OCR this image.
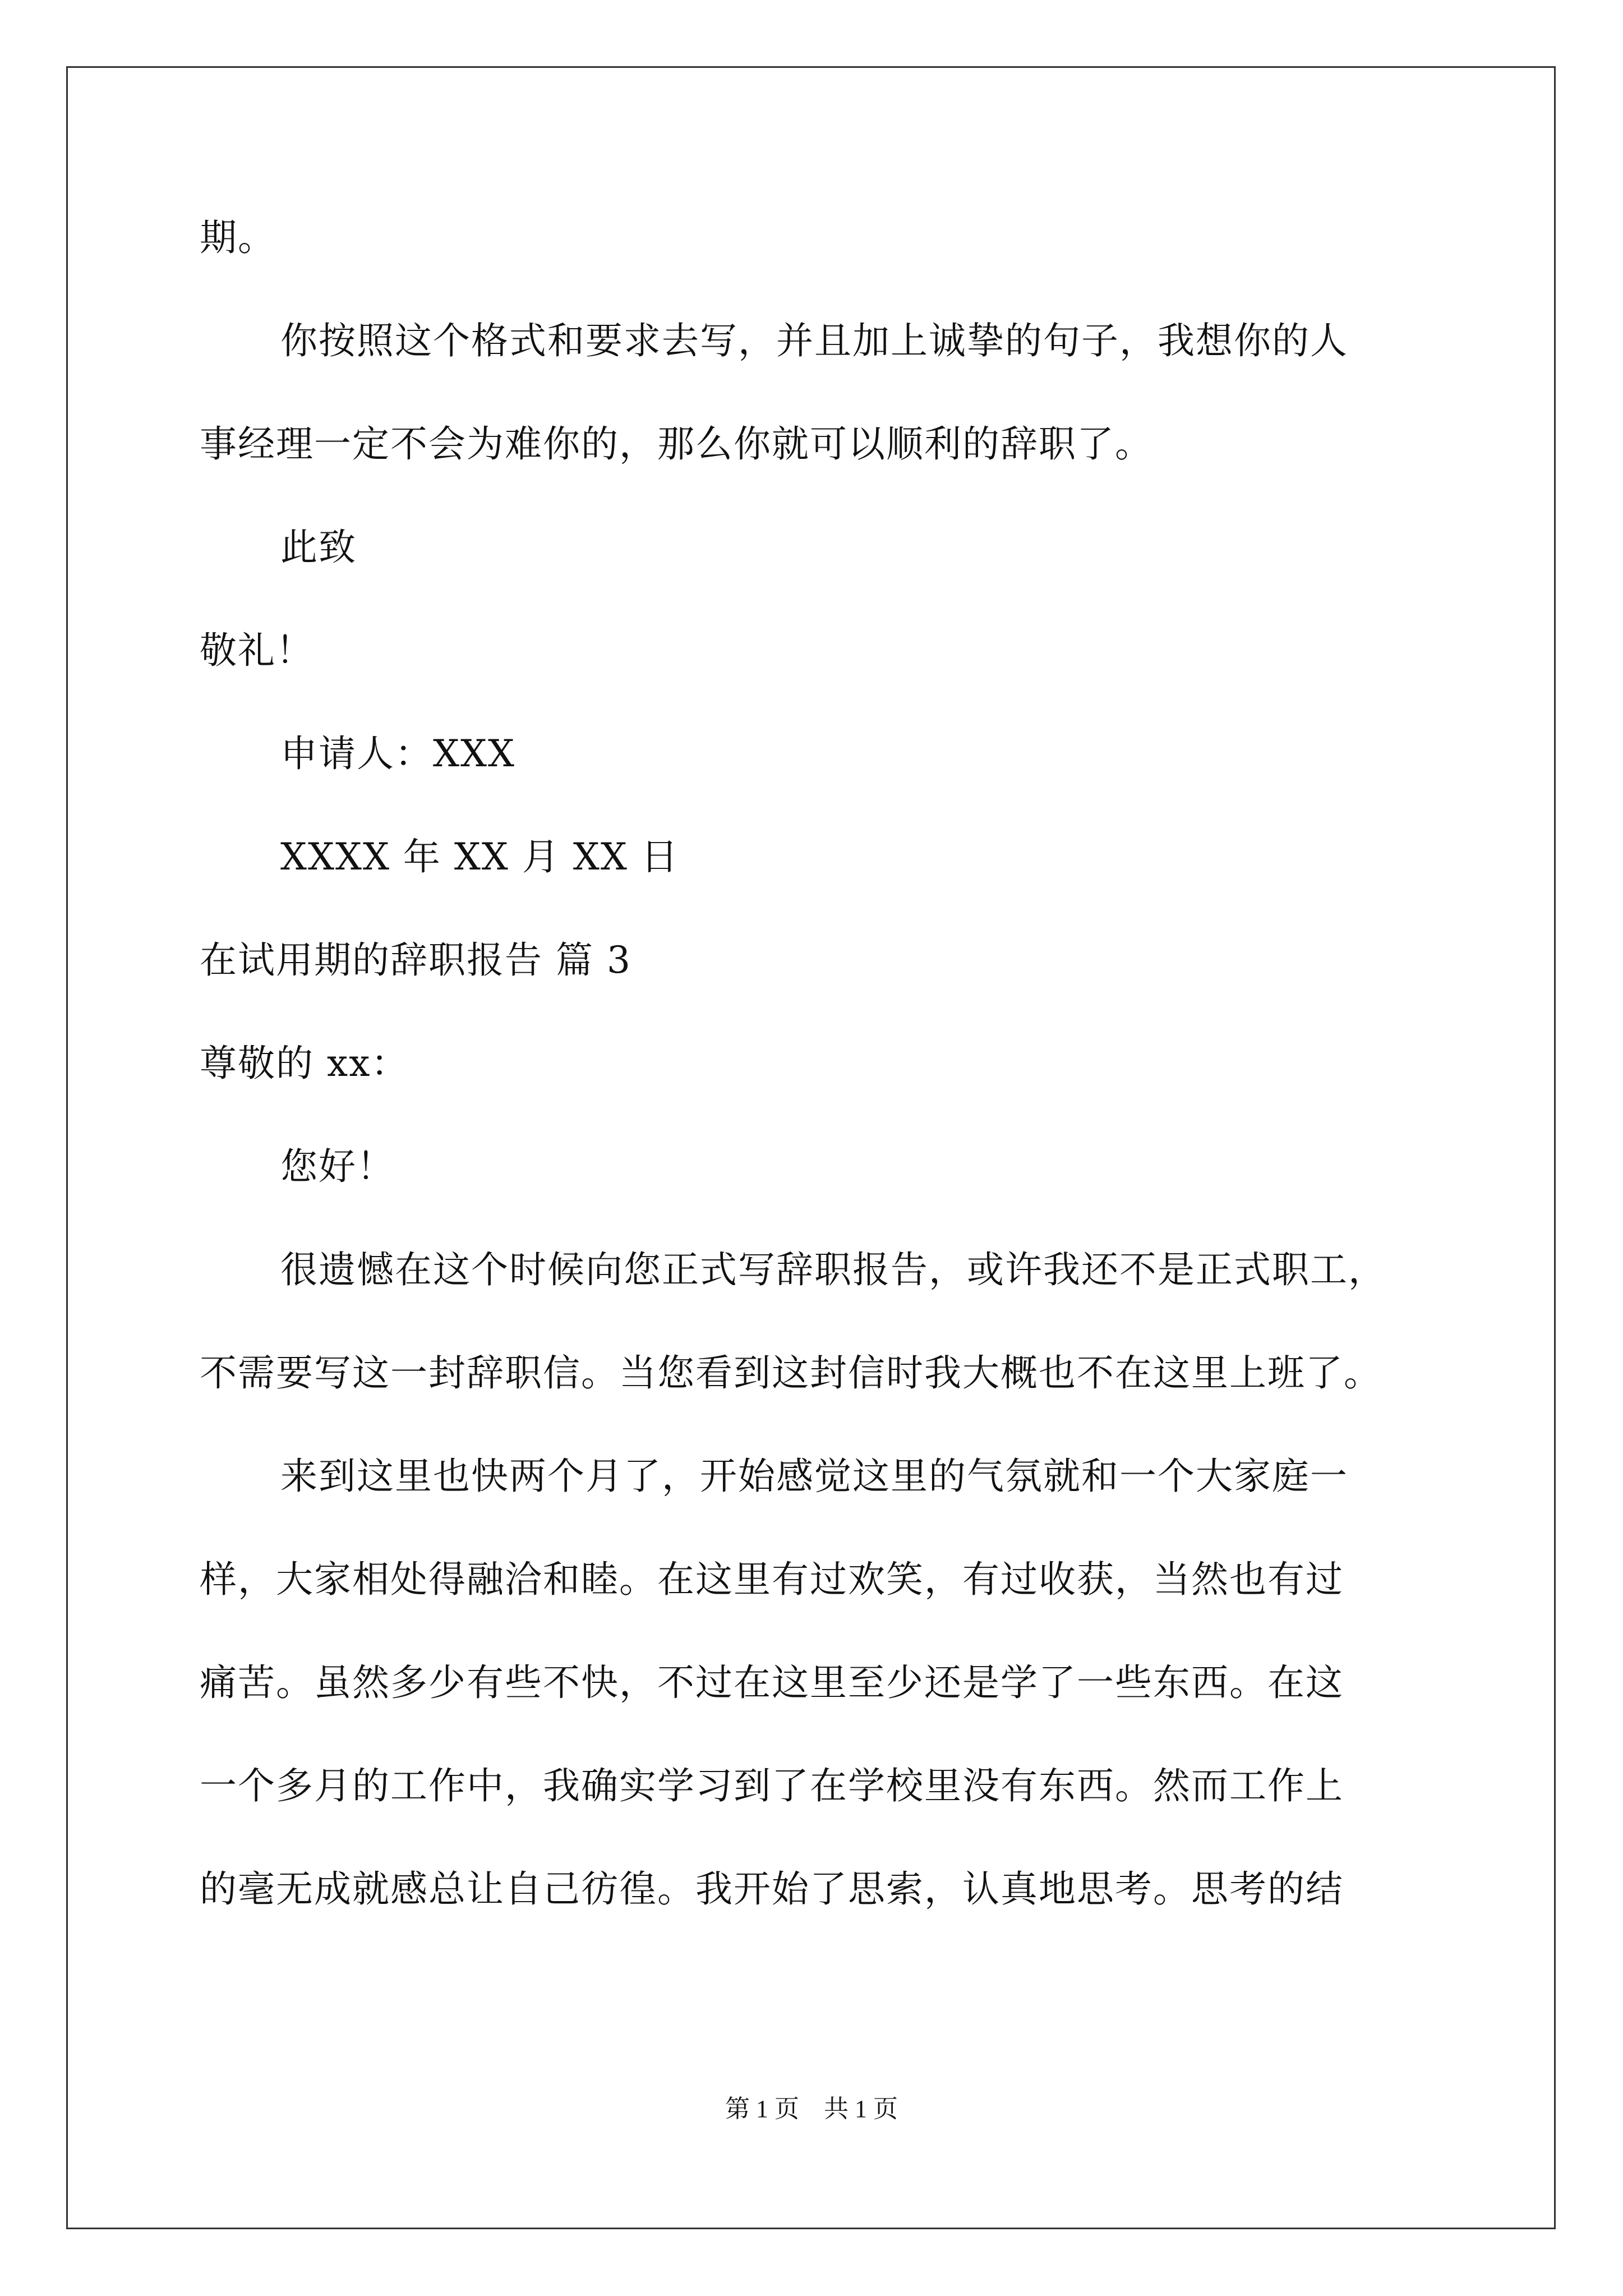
期。
你按照这个格式和要求去写，并且加上诚挚的句子，我想你的人
事经理一定不会为难你的，那么你就可以顺利的辞职了。
此致
敬礼！
申请人：XXX
XXXX 年 XX 月 XX 日
在试用期的辞职报告 篇 3
尊敬的 xx：
您好！
很遗憾在这个时候向您正式写辞职报告，或许我还不是正式职工，
不需要写这一封辞职信。当您看到这封信时我大概也不在这里上班了。
来到这里也快两个月了，开始感觉这里的气氛就和一个大家庭一
样，大家相处得融洽和睦。在这里有过欢笑，有过收获，当然也有过
痛苦。虽然多少有些不快，不过在这里至少还是学了一些东西。在这
一个多月的工作中，我确实学习到了在学校里没有东西。然而工作上
的毫无成就感总让自己彷徨。我开始了思索，认真地思考。思考的结
第 1 页　共 1 页
